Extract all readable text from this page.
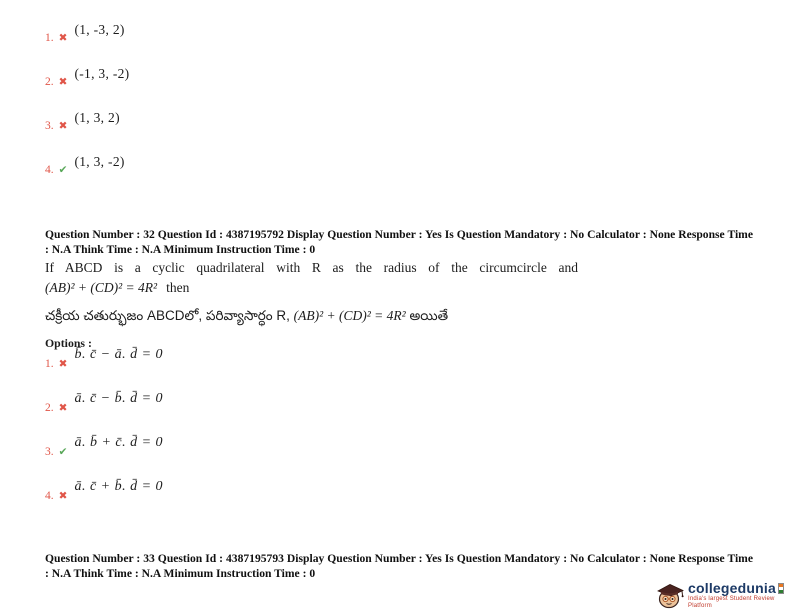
1. ✖
(1, -3, 2)
2. ✖
(-1, 3, -2)
3. ✖
(1, 3, 2)
4. ✔
(1, 3, -2)
Question Number : 32 Question Id : 4387195792 Display Question Number : Yes Is Question Mandatory : No Calculator : None Response Time : N.A Think Time : N.A Minimum Instruction Time : 0
If ABCD is a cyclic quadrilateral with R as the radius of the circumcircle and
(AB)² + (CD)² = 4R² then
చక్రీయ చతుర్భుజం ABCDలో, పరివ్యాసార్ధం R, (AB)² + (CD)² = 4R² అయితే
Options :
1. ✖
b̄. c̄ − ā. d̄ = 0
2. ✖
ā. c̄ − b̄. d̄ = 0
3. ✔
ā. b̄ + c̄. d̄ = 0
4. ✖
ā. c̄ + b̄. d̄ = 0
Question Number : 33 Question Id : 4387195793 Display Question Number : Yes Is Question Mandatory : No Calculator : None Response Time : N.A Think Time : N.A Minimum Instruction Time : 0
collegedunia
India's largest Student Review Platform
